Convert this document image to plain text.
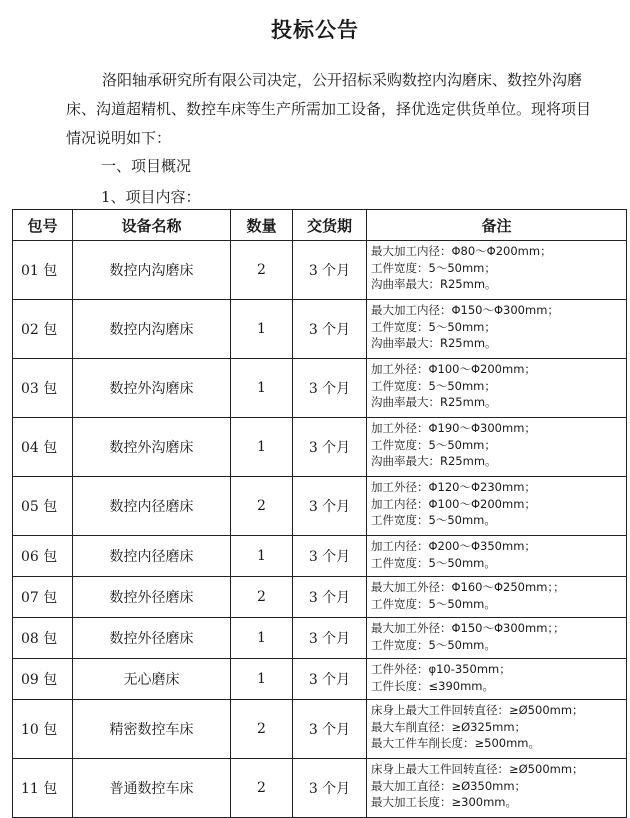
投标公告

洛阳轴承研究所有限公司决定，公开招标采购数控内沟磨床、数控外沟磨床、沟道超精机、数控车床等生产所需加工设备，择优选定供货单位。现将项目情况说明如下：

一、项目概况
1、项目内容：
包号	设备名称	数量	交货期	备注
01 包	数控内沟磨床	2	3 个月	最大加工内径：Φ80～Φ200mm；
工件宽度：5～50mm；
沟曲率最大：R25mm。

02 包	数控内沟磨床	1	3 个月	最大加工内径：Φ150～Φ300mm；
工件宽度：5～50mm；
沟曲率最大：R25mm。

03 包	数控外沟磨床	1	3 个月	加工外径：Φ100～Φ200mm；
工件宽度：5～50mm；
沟曲率最大：R25mm。

04 包	数控外沟磨床	1	3 个月	加工外径：Φ190～Φ300mm；
工件宽度：5～50mm；
沟曲率最大：R25mm。

05 包	数控内径磨床	2	3 个月	加工外径：Φ120～Φ230mm；
加工内径：Φ100～Φ200mm；
工件宽度：5～50mm。

06 包	数控内径磨床	1	3 个月	加工内径：Φ200～Φ350mm；
工件宽度：5～50mm。

07 包	数控外径磨床	2	3 个月	最大加工外径：Φ160～Φ250mm；；
工件宽度：5～50mm。

08 包	数控外径磨床	1	3 个月	最大加工外径：Φ150～Φ300mm；；
工件宽度：5～50mm。

09 包	无心磨床	1	3 个月	工件外径：φ10-350mm；
工件长度：≤390mm。

10 包	精密数控车床	2	3 个月	床身上最大工件回转直径：≥Ø500mm；
最大车削直径：≥Ø325mm；
最大工件车削长度：≥500mm。

11 包	普通数控车床	2	3 个月	床身上最大工件回转直径：≥Ø500mm；
最大加工直径：≥Ø350mm；
最大加工长度：≥300mm。
